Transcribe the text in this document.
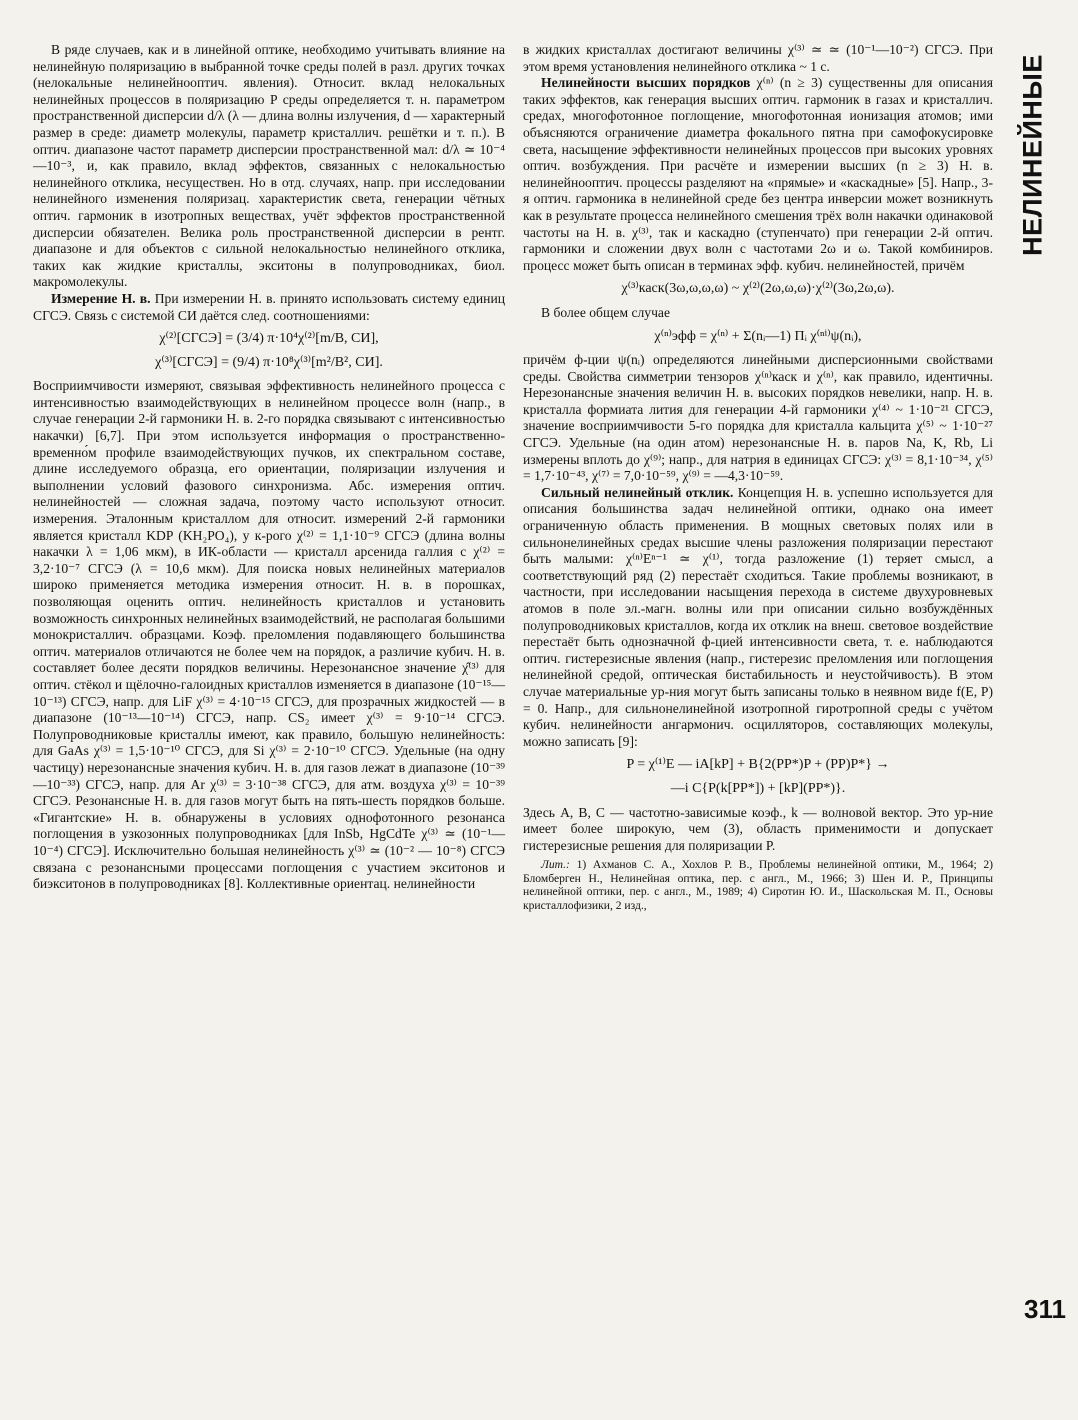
НЕЛИНЕЙНЫЕ

В ряде случаев, как и в линейной оптике, необходимо учитывать влияние на нелинейную поляризацию в выбранной точке среды полей в разл. других точках (нелокальные нелинейнооптич. явления). Относит. вклад нелокальных нелинейных процессов в поляризацию P среды определяется т. н. параметром пространственной дисперсии d/λ (λ — длина волны излучения, d — характерный размер в среде: диаметр молекулы, параметр кристаллич. решётки и т. п.). В оптич. диапазоне частот параметр дисперсии пространственной мал: d/λ ≃ 10⁻⁴—10⁻³, и, как правило, вклад эффектов, связанных с нелокальностью нелинейного отклика, несуществен. Но в отд. случаях, напр. при исследовании нелинейного изменения поляризац. характеристик света, генерации чётных оптич. гармоник в изотропных веществах, учёт эффектов пространственной дисперсии обязателен. Велика роль пространственной дисперсии в рентг. диапазоне и для объектов с сильной нелокальностью нелинейного отклика, таких как жидкие кристаллы, экситоны в полупроводниках, биол. макромолекулы.

Измерение Н. в. При измерении Н. в. принято использовать систему единиц СГСЭ. Связь с системой СИ даётся след. соотношениями:

χ⁽²⁾[СГСЭ] = (3/4) π·10⁴χ⁽²⁾[m/B, СИ],

χ⁽³⁾[СГСЭ] = (9/4) π·10⁸χ⁽³⁾[m²/B², СИ].

Восприимчивости измеряют, связывая эффективность нелинейного процесса с интенсивностью взаимодействующих в нелинейном процессе волн (напр., в случае генерации 2-й гармоники Н. в. 2-го порядка связывают с интенсивностью накачки) [6,7]. При этом используется информация о пространственно-временно́м профиле взаимодействующих пучков, их спектральном составе, длине исследуемого образца, его ориентации, поляризации излучения и выполнении условий фазового синхронизма. Абс. измерения оптич. нелинейностей — сложная задача, поэтому часто используют относит. измерения. Эталонным кристаллом для относит. измерений 2-й гармоники является кристалл KDP (KH₂PO₄), у к-рого χ⁽²⁾ = 1,1·10⁻⁹ СГСЭ (длина волны накачки λ = 1,06 мкм), в ИК-области — кристалл арсенида галлия с χ⁽²⁾ = 3,2·10⁻⁷ СГСЭ (λ = 10,6 мкм). Для поиска новых нелинейных материалов широко применяется методика измерения относит. Н. в. в порошках, позволяющая оценить оптич. нелинейность кристаллов и установить возможность синхронных нелинейных взаимодействий, не располагая большими монокристаллич. образцами. Коэф. преломления подавляющего большинства оптич. материалов отличаются не более чем на порядок, а различие кубич. Н. в. составляет более десяти порядков величины. Нерезонансное значение χ̂⁽³⁾ для оптич. стёкол и щёлочно-галоидных кристаллов изменяется в диапазоне (10⁻¹⁵—10⁻¹³) СГСЭ, напр. для LiF χ⁽³⁾ = 4·10⁻¹⁵ СГСЭ, для прозрачных жидкостей — в диапазоне (10⁻¹³—10⁻¹⁴) СГСЭ, напр. CS₂ имеет χ⁽³⁾ = 9·10⁻¹⁴ СГСЭ. Полупроводниковые кристаллы имеют, как правило, большую нелинейность: для GaAs χ⁽³⁾ = 1,5·10⁻¹⁰ СГСЭ, для Si χ⁽³⁾ = 2·10⁻¹⁰ СГСЭ. Удельные (на одну частицу) нерезонансные значения кубич. Н. в. для газов лежат в диапазоне (10⁻³⁹—10⁻³³) СГСЭ, напр. для Ar χ⁽³⁾ = 3·10⁻³⁸ СГСЭ, для атм. воздуха χ⁽³⁾ = 10⁻³⁹ СГСЭ. Резонансные Н. в. для газов могут быть на пять-шесть порядков больше. «Гигантские» Н. в. обнаружены в условиях однофотонного резонанса поглощения в узкозонных полупроводниках [для InSb, HgCdTe χ⁽³⁾ ≃ (10⁻¹—10⁻⁴) СГСЭ]. Исключительно большая нелинейность χ⁽³⁾ ≃ (10⁻² — 10⁻⁸) СГСЭ связана с резонансными процессами поглощения с участием экситонов и биэкситонов в полупроводниках [8]. Коллективные ориентац. нелинейности

в жидких кристаллах достигают величины χ⁽³⁾ ≃ ≃ (10⁻¹—10⁻²) СГСЭ. При этом время установления нелинейного отклика ~ 1 с.

Нелинейности высших порядков χ⁽ⁿ⁾ (n ≥ 3) существенны для описания таких эффектов, как генерация высших оптич. гармоник в газах и кристаллич. средах, многофотонное поглощение, многофотонная ионизация атомов; ими объясняются ограничение диаметра фокального пятна при самофокусировке света, насыщение эффективности нелинейных процессов при высоких уровнях оптич. возбуждения. При расчёте и измерении высших (n ≥ 3) Н. в. нелинейнооптич. процессы разделяют на «прямые» и «каскадные» [5]. Напр., 3-я оптич. гармоника в нелинейной среде без центра инверсии может возникнуть как в результате процесса нелинейного смешения трёх волн накачки одинаковой частоты на Н. в. χ⁽³⁾, так и каскадно (ступенчато) при генерации 2-й оптич. гармоники и сложении двух волн с частотами 2ω и ω. Такой комбиниров. процесс может быть описан в терминах эфф. кубич. нелинейностей, причём

χ⁽³⁾каск(3ω,ω,ω,ω) ~ χ⁽²⁾(2ω,ω,ω)·χ⁽²⁾(3ω,2ω,ω).

В более общем случае

χ⁽ⁿ⁾эфф = χ⁽ⁿ⁾ + Σ(nᵢ—1) Πᵢ χ⁽ⁿⁱ⁾ψ(nᵢ),

причём ф-ции ψ(nᵢ) определяются линейными дисперсионными свойствами среды. Свойства симметрии тензоров χ⁽ⁿ⁾каск и χ⁽ⁿ⁾, как правило, идентичны. Нерезонансные значения величин Н. в. высоких порядков невелики, напр. Н. в. кристалла формиата лития для генерации 4-й гармоники χ⁽⁴⁾ ~ 1·10⁻²¹ СГСЭ, значение восприимчивости 5-го порядка для кристалла кальцита χ⁽⁵⁾ ~ 1·10⁻²⁷ СГСЭ. Удельные (на один атом) нерезонансные Н. в. паров Na, K, Rb, Li измерены вплоть до χ⁽⁹⁾; напр., для натрия в единицах СГСЭ: χ⁽³⁾ = 8,1·10⁻³⁴, χ⁽⁵⁾ = 1,7·10⁻⁴³, χ⁽⁷⁾ = 7,0·10⁻⁵⁹, χ⁽⁹⁾ = —4,3·10⁻⁵⁹.

Сильный нелинейный отклик. Концепция Н. в. успешно используется для описания большинства задач нелинейной оптики, однако она имеет ограниченную область применения. В мощных световых полях или в сильнонелинейных средах высшие члены разложения поляризации перестают быть малыми: χ⁽ⁿ⁾Eⁿ⁻¹ ≃ χ⁽¹⁾, тогда разложение (1) теряет смысл, а соответствующий ряд (2) перестаёт сходиться. Такие проблемы возникают, в частности, при исследовании насыщения перехода в системе двухуровневых атомов в поле эл.-магн. волны или при описании сильно возбуждённых полупроводниковых кристаллов, когда их отклик на внеш. световое воздействие перестаёт быть однозначной ф-цией интенсивности света, т. е. наблюдаются оптич. гистерезисные явления (напр., гистерезис преломления или поглощения нелинейной средой, оптическая бистабильность и неустойчивость). В этом случае материальные ур-ния могут быть записаны только в неявном виде f(E, P) = 0. Напр., для сильнонелинейной изотропной гиротропной среды с учётом кубич. нелинейности ангармонич. осцилляторов, составляющих молекулы, можно записать [9]:

P = χ⁽¹⁾E — iA[kP] + B{2(PP*)P + (PP)P*} →

—i C{P(k[PP*]) + [kP](PP*)}.

Здесь A, B, C — частотно-зависимые коэф., k — волновой вектор. Это ур-ние имеет более широкую, чем (3), область применимости и допускает гистерезисные решения для поляризации P.

Лит.: 1) Ахманов С. А., Хохлов Р. В., Проблемы нелинейной оптики, М., 1964; 2) Бломберген Н., Нелинейная оптика, пер. с англ., М., 1966; 3) Шен И. Р., Принципы нелинейной оптики, пер. с англ., М., 1989; 4) Сиротин Ю. И., Шаскольская М. П., Основы кристаллофизики, 2 изд.,

311
